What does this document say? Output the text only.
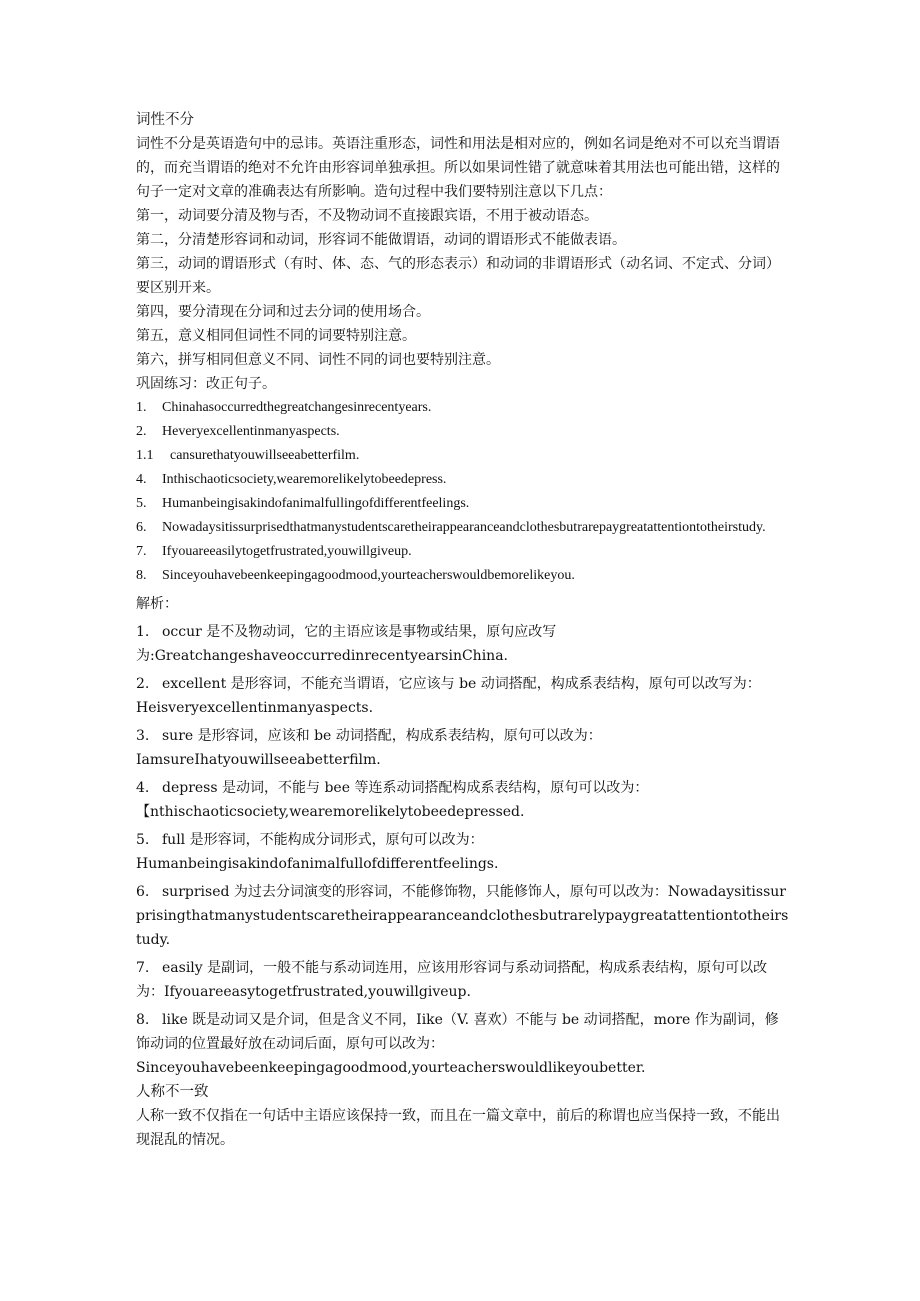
词性不分

词性不分是英语造句中的忌讳。英语注重形态，词性和用法是相对应的，例如名词是绝对不可以充当谓语的，而充当谓语的绝对不允许由形容词单独承担。所以如果词性错了就意味着其用法也可能出错，这样的句子一定对文章的准确表达有所影响。造句过程中我们要特别注意以下几点：

第一，动词要分清及物与否，不及物动词不直接跟宾语，不用于被动语态。

第二，分清楚形容词和动词，形容词不能做谓语，动词的谓语形式不能做表语。

第三，动词的谓语形式（有时、体、态、气的形态表示）和动词的非谓语形式（动名词、不定式、分词）要区别开来。

第四，要分清现在分词和过去分词的使用场合。

第五，意义相同但词性不同的词要特别注意。

第六，拼写相同但意义不同、词性不同的词也要特别注意。

巩固练习：改正句子。

1. Chinahasoccurredthegreatchangesinrecentyears.

2. Heveryexcellentinmanyaspects.

1.1 cansurethatyouwillseeabetterfilm.

4. Inthischaoticsociety,wearemorelikelytobeedepress.

5. Humanbeingisakindofanimalfullingofdifferentfeelings.

6. Nowadaysitissurprisedthatmanystudentscaretheirappearanceandclothesbutrarepaygreatattentiontotheirstudy.

7. Ifyouareeasilytogetfrustrated,youwillgiveup.

8. Sinceyouhavebeenkeepingagoodmood,yourteacherswouldbemorelikeyou.

解析：

1. occur 是不及物动词，它的主语应该是事物或结果，原句应改写为:GreatchangeshaveoccurredinrecentyearsinChina.

2. excellent 是形容词，不能充当谓语，它应该与 be 动词搭配，构成系表结构，原句可以改写为：Heisveryexcellentinmanyaspects.

3. sure 是形容词，应该和 be 动词搭配，构成系表结构，原句可以改为：IamsureIhatyouwillseeabetterfilm.

4. depress 是动词，不能与 bee 等连系动词搭配构成系表结构，原句可以改为：【nthischaoticsociety,wearemorelikelytobeedepressed.

5. full 是形容词，不能构成分词形式，原句可以改为：Humanbeingisakindofanimalfullofdifferentfeelings.

6. surprised 为过去分词演变的形容词，不能修饰物，只能修饰人，原句可以改为：Nowadaysitissurprisingthatmanystudentscaretheirappearanceandclothesbutrarelypaygreatattentiontotheirstudy.

7. easily 是副词，一般不能与系动词连用，应该用形容词与系动词搭配，构成系表结构，原句可以改为：Ifyouareeasytogetfrustrated,youwillgiveup.

8. like 既是动词又是介词，但是含义不同，Iike（V. 喜欢）不能与 be 动词搭配，more 作为副词，修饰动词的位置最好放在动词后面，原句可以改为：Sinceyouhavebeenkeepingagoodmood,yourteacherswouldlikeyoubetter.

人称不一致

人称一致不仅指在一句话中主语应该保持一致，而且在一篇文章中，前后的称谓也应当保持一致，不能出现混乱的情况。
